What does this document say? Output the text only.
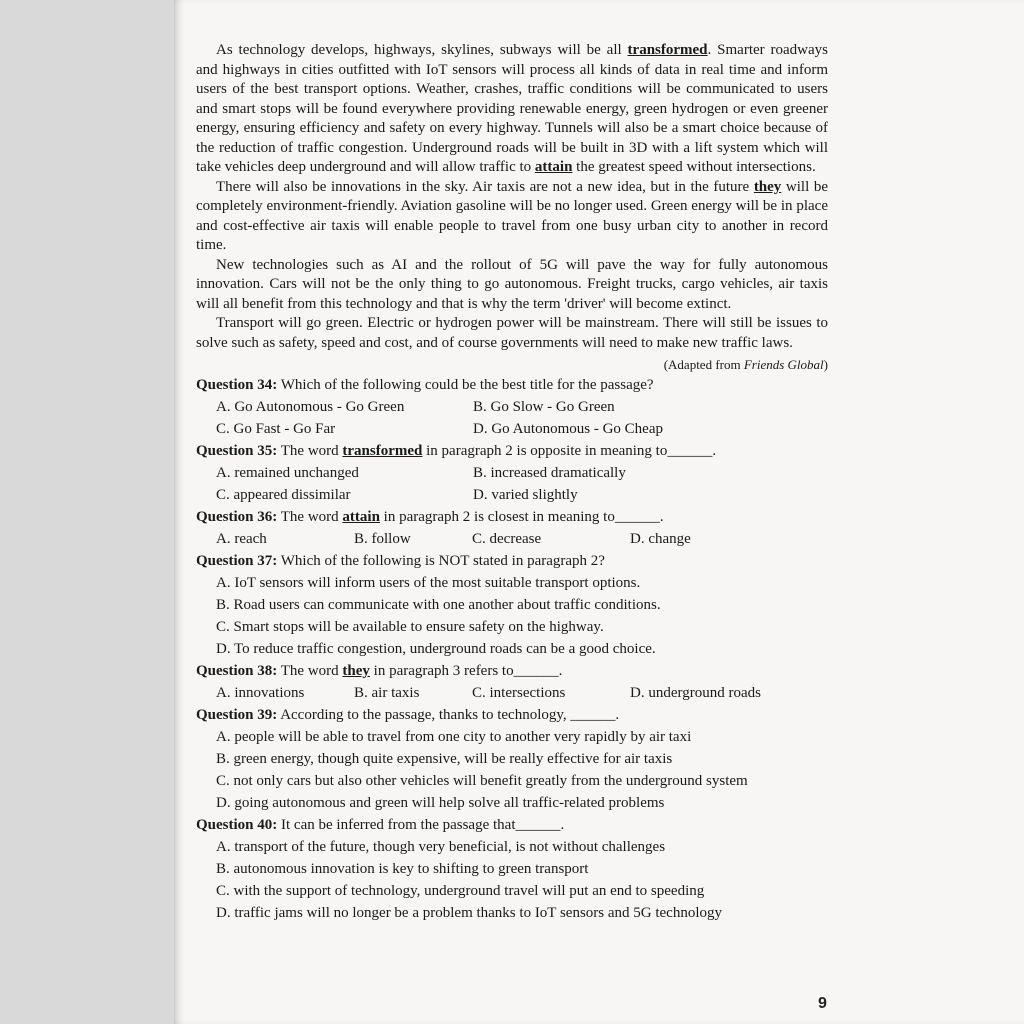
As technology develops, highways, skylines, subways will be all transformed. Smarter roadways and highways in cities outfitted with IoT sensors will process all kinds of data in real time and inform users of the best transport options. Weather, crashes, traffic conditions will be communicated to users and smart stops will be found everywhere providing renewable energy, green hydrogen or even greener energy, ensuring efficiency and safety on every highway. Tunnels will also be a smart choice because of the reduction of traffic congestion. Underground roads will be built in 3D with a lift system which will take vehicles deep underground and will allow traffic to attain the greatest speed without intersections.

There will also be innovations in the sky. Air taxis are not a new idea, but in the future they will be completely environment-friendly. Aviation gasoline will be no longer used. Green energy will be in place and cost-effective air taxis will enable people to travel from one busy urban city to another in record time.

New technologies such as AI and the rollout of 5G will pave the way for fully autonomous innovation. Cars will not be the only thing to go autonomous. Freight trucks, cargo vehicles, air taxis will all benefit from this technology and that is why the term 'driver' will become extinct.

Transport will go green. Electric or hydrogen power will be mainstream. There will still be issues to solve such as safety, speed and cost, and of course governments will need to make new traffic laws.

(Adapted from Friends Global)

Question 34: Which of the following could be the best title for the passage?

A. Go Autonomous - Go Green	B. Go Slow - Go Green
C. Go Fast - Go Far	D. Go Autonomous - Go Cheap

Question 35: The word transformed in paragraph 2 is opposite in meaning to______.

A. remained unchanged	B. increased dramatically
C. appeared dissimilar	D. varied slightly

Question 36: The word attain in paragraph 2 is closest in meaning to______.

A. reach	B. follow	C. decrease	D. change

Question 37: Which of the following is NOT stated in paragraph 2?

A. IoT sensors will inform users of the most suitable transport options.
B. Road users can communicate with one another about traffic conditions.
C. Smart stops will be available to ensure safety on the highway.
D. To reduce traffic congestion, underground roads can be a good choice.

Question 38: The word they in paragraph 3 refers to______.

A. innovations	B. air taxis	C. intersections	D. underground roads

Question 39: According to the passage, thanks to technology, ______.

A. people will be able to travel from one city to another very rapidly by air taxi
B. green energy, though quite expensive, will be really effective for air taxis
C. not only cars but also other vehicles will benefit greatly from the underground system
D. going autonomous and green will help solve all traffic-related problems

Question 40: It can be inferred from the passage that______.

A. transport of the future, though very beneficial, is not without challenges
B. autonomous innovation is key to shifting to green transport
C. with the support of technology, underground travel will put an end to speeding
D. traffic jams will no longer be a problem thanks to IoT sensors and 5G technology
9
